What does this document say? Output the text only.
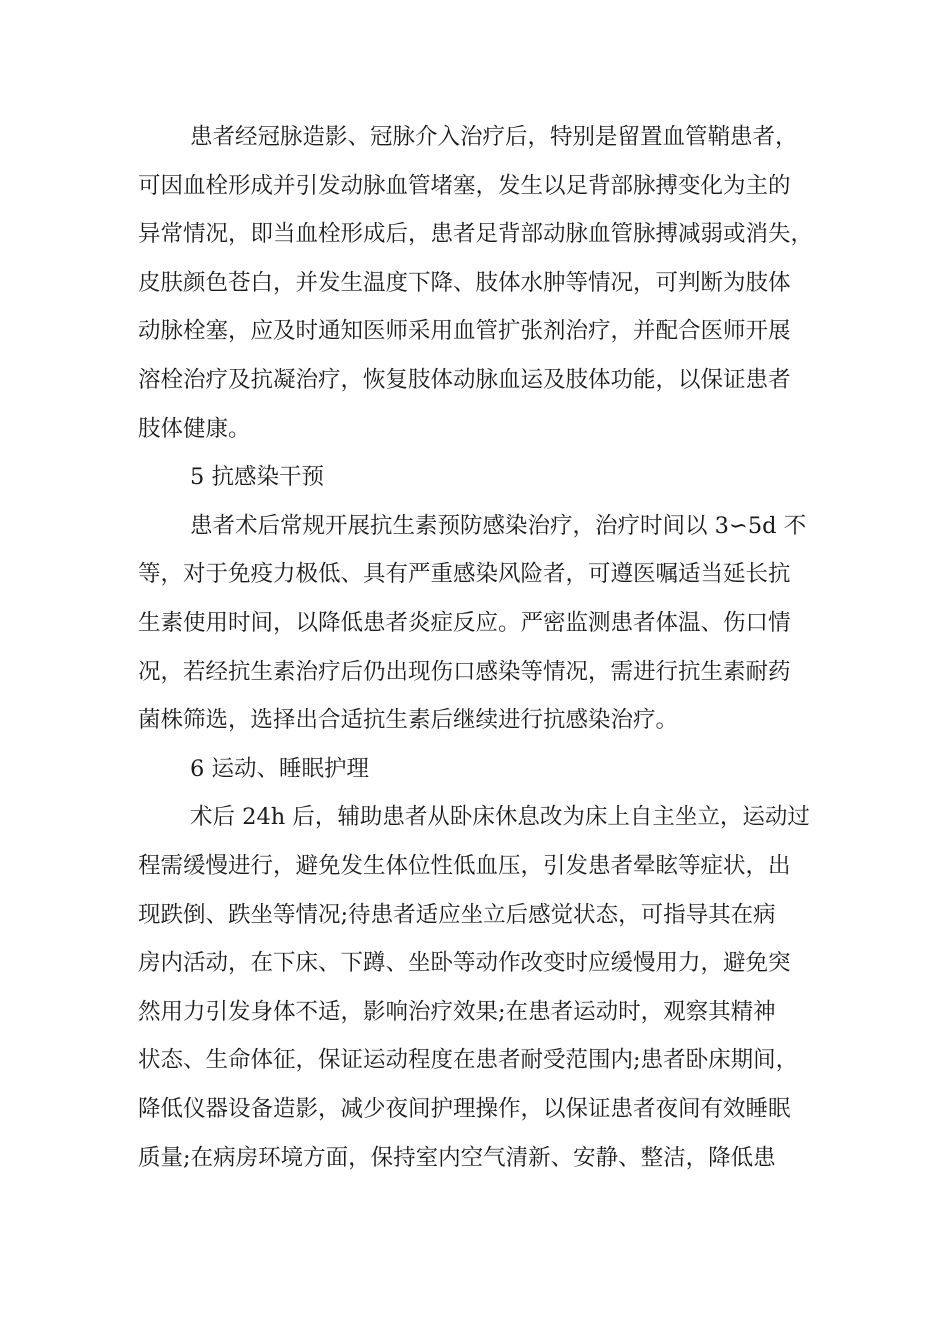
患者经冠脉造影、冠脉介入治疗后，特别是留置血管鞘患者，
可因血栓形成并引发动脉血管堵塞，发生以足背部脉搏变化为主的
异常情况，即当血栓形成后，患者足背部动脉血管脉搏减弱或消失，
皮肤颜色苍白，并发生温度下降、肢体水肿等情况，可判断为肢体
动脉栓塞，应及时通知医师采用血管扩张剂治疗，并配合医师开展
溶栓治疗及抗凝治疗，恢复肢体动脉血运及肢体功能，以保证患者
肢体健康。
5 抗感染干预
患者术后常规开展抗生素预防感染治疗，治疗时间以 3∽5d 不
等，对于免疫力极低、具有严重感染风险者，可遵医嘱适当延长抗
生素使用时间，以降低患者炎症反应。严密监测患者体温、伤口情
况，若经抗生素治疗后仍出现伤口感染等情况，需进行抗生素耐药
菌株筛选，选择出合适抗生素后继续进行抗感染治疗。
6 运动、睡眠护理
术后 24h 后，辅助患者从卧床休息改为床上自主坐立，运动过
程需缓慢进行，避免发生体位性低血压，引发患者晕眩等症状，出
现跌倒、跌坐等情况;待患者适应坐立后感觉状态，可指导其在病
房内活动，在下床、下蹲、坐卧等动作改变时应缓慢用力，避免突
然用力引发身体不适，影响治疗效果;在患者运动时，观察其精神
状态、生命体征，保证运动程度在患者耐受范围内;患者卧床期间，
降低仪器设备造影，减少夜间护理操作，以保证患者夜间有效睡眠
质量;在病房环境方面，保持室内空气清新、安静、整洁，降低患
